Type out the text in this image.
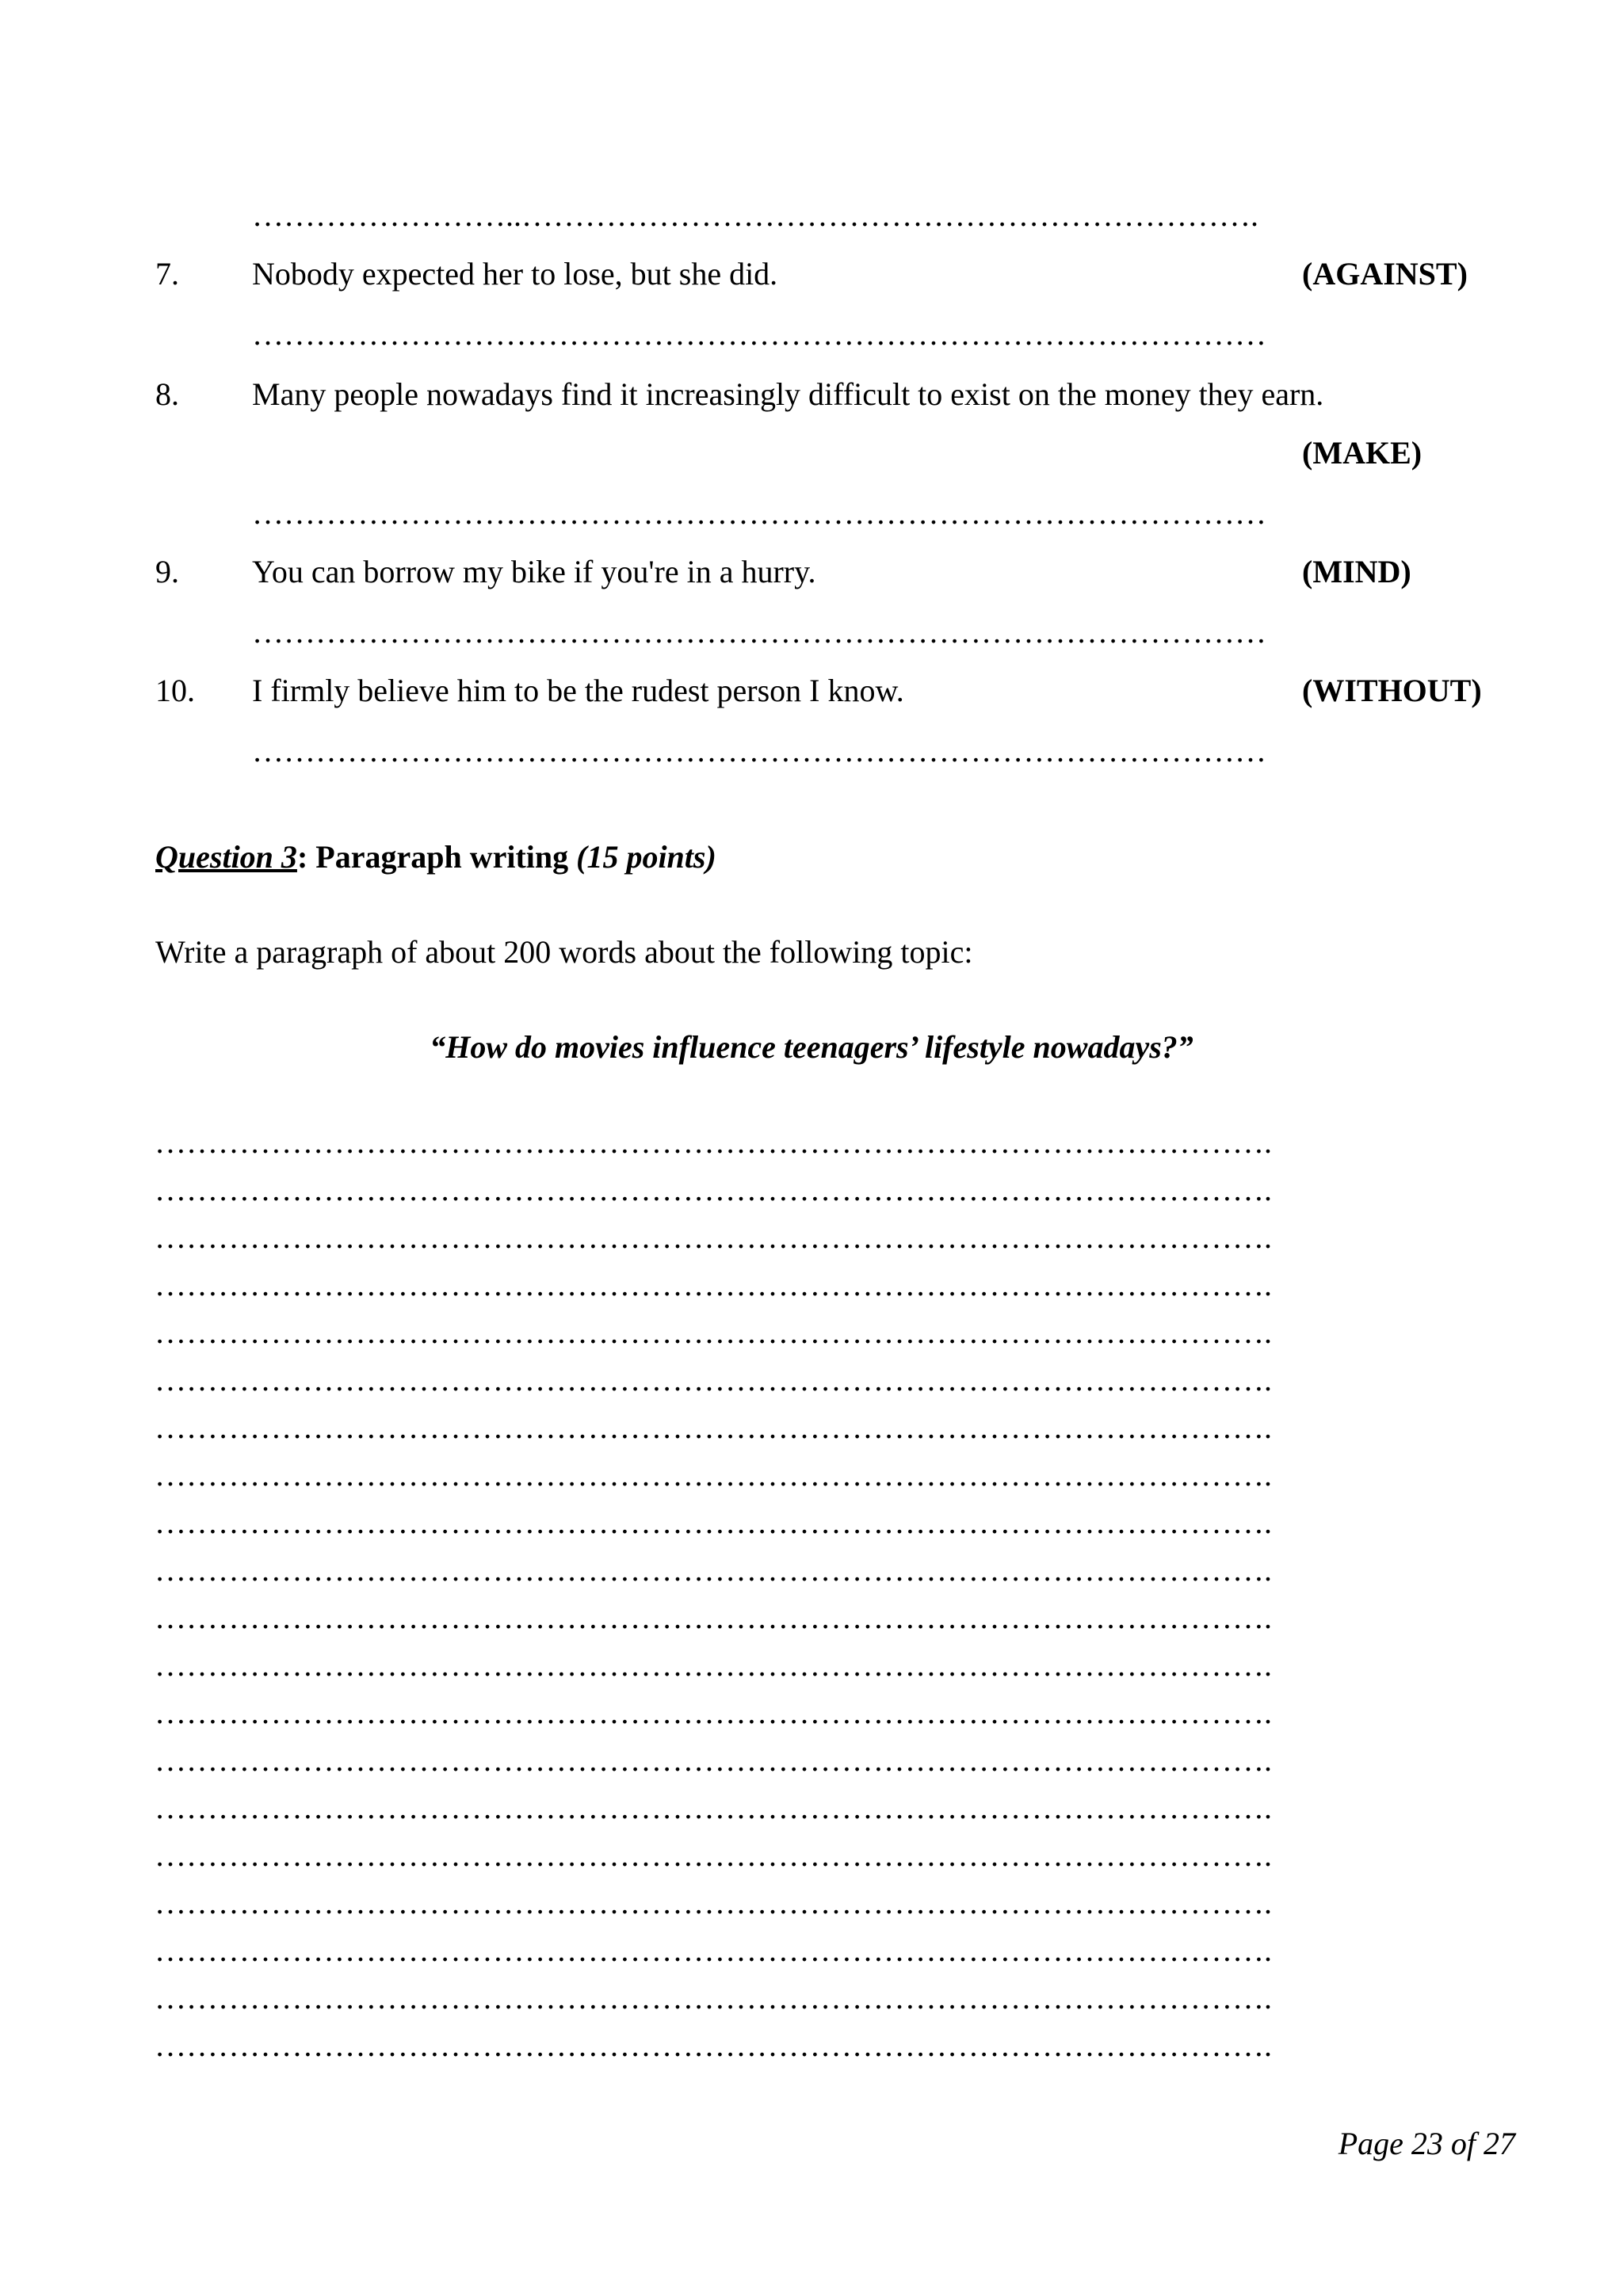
……………………..…………………………………………………………….
7. Nobody expected her to lose, but she did.	(AGAINST)
……………………………………………………………………………………
8. Many people nowadays find it increasingly difficult to exist on the money they earn.
(MAKE)
……………………………………………………………………………………
9. You can borrow my bike if you're in a hurry.	(MIND)
……………………………………………………………………………………
10. I firmly believe him to be the rudest person I know.	(WITHOUT)
……………………………………………………………………………………
Question 3: Paragraph writing (15 points)
Write a paragraph of about 200 words about the following topic:
“How do movies influence teenagers’ lifestyle nowadays?”
…………………………………………………………………………………………….
…………………………………………………………………………………………….
…………………………………………………………………………………………….
…………………………………………………………………………………………….
…………………………………………………………………………………………….
…………………………………………………………………………………………….
…………………………………………………………………………………………….
…………………………………………………………………………………………….
…………………………………………………………………………………………….
…………………………………………………………………………………………….
…………………………………………………………………………………………….
…………………………………………………………………………………………….
…………………………………………………………………………………………….
…………………………………………………………………………………………….
…………………………………………………………………………………………….
…………………………………………………………………………………………….
…………………………………………………………………………………………….
…………………………………………………………………………………………….
…………………………………………………………………………………………….
…………………………………………………………………………………………….
Page 23 of 27
